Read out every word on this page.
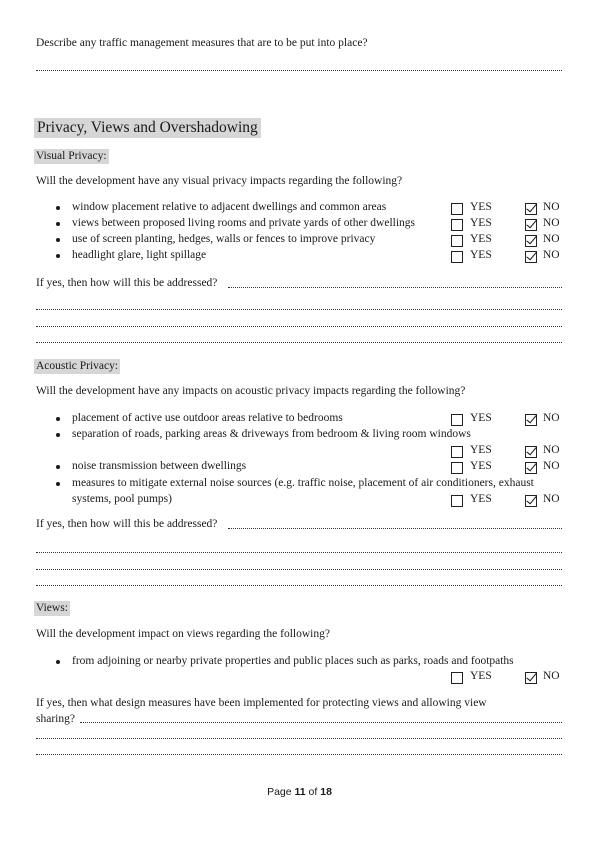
Describe any traffic management measures that are to be put into place?
Privacy, Views and Overshadowing
Visual Privacy:
Will the development have any visual privacy impacts regarding the following?
window placement relative to adjacent dwellings and common areas	YES	NO
views between proposed living rooms and private yards of other dwellings	YES	NO
use of screen planting, hedges, walls or fences to improve privacy	YES	NO
headlight glare, light spillage	YES	NO
If yes, then how will this be addressed?
Acoustic Privacy:
Will the development have any impacts on acoustic privacy impacts regarding the following?
placement of active use outdoor areas relative to bedrooms	YES	NO
separation of roads, parking areas & driveways from bedroom & living room windows
YES	NO
noise transmission between dwellings	YES	NO
measures to mitigate external noise sources (e.g. traffic noise, placement of air conditioners, exhaust
systems, pool pumps)	YES	NO
If yes, then how will this be addressed?
Views:
Will the development impact on views regarding the following?
from adjoining or nearby private properties and public places such as parks, roads and footpaths
YES	NO
If yes, then what design measures have been implemented for protecting views and allowing view
sharing?
Page 11 of 18
